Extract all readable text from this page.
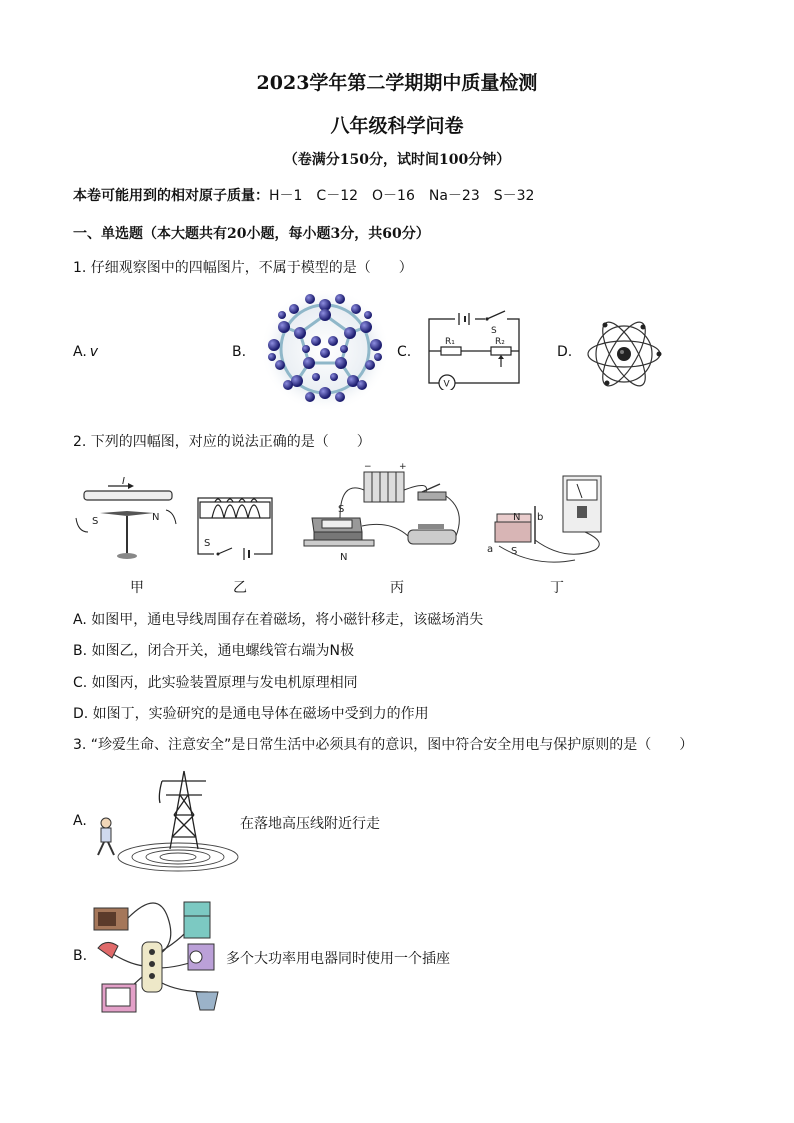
2023学年第二学期期中质量检测
八年级科学问卷
（卷满分150分，试时间100分钟）
本卷可能用到的相对原子质量：H－1　C－12　O－16　Na－23　S－32
一、单选题（本大题共有20小题，每小题3分，共60分）
1. 仔细观察图中的四幅图片，不属于模型的是（　　）
A. v	B.	C.	D.
S
R₁	R₂
V
2. 下列的四幅图，对应的说法正确的是（　　）
I
S	N
甲
S
乙
−	+
S
N
丙
N
S
b
a
丁
A. 如图甲，通电导线周围存在着磁场，将小磁针移走，该磁场消失
B. 如图乙，闭合开关，通电螺线管右端为N极
C. 如图丙，此实验装置原理与发电机原理相同
D. 如图丁，实验研究的是通电导体在磁场中受到力的作用
3. “珍爱生命、注意安全”是日常生活中必须具有的意识，图中符合安全用电与保护原则的是（　　）
A.	在落地高压线附近行走
B.	多个大功率用电器同时使用一个插座
